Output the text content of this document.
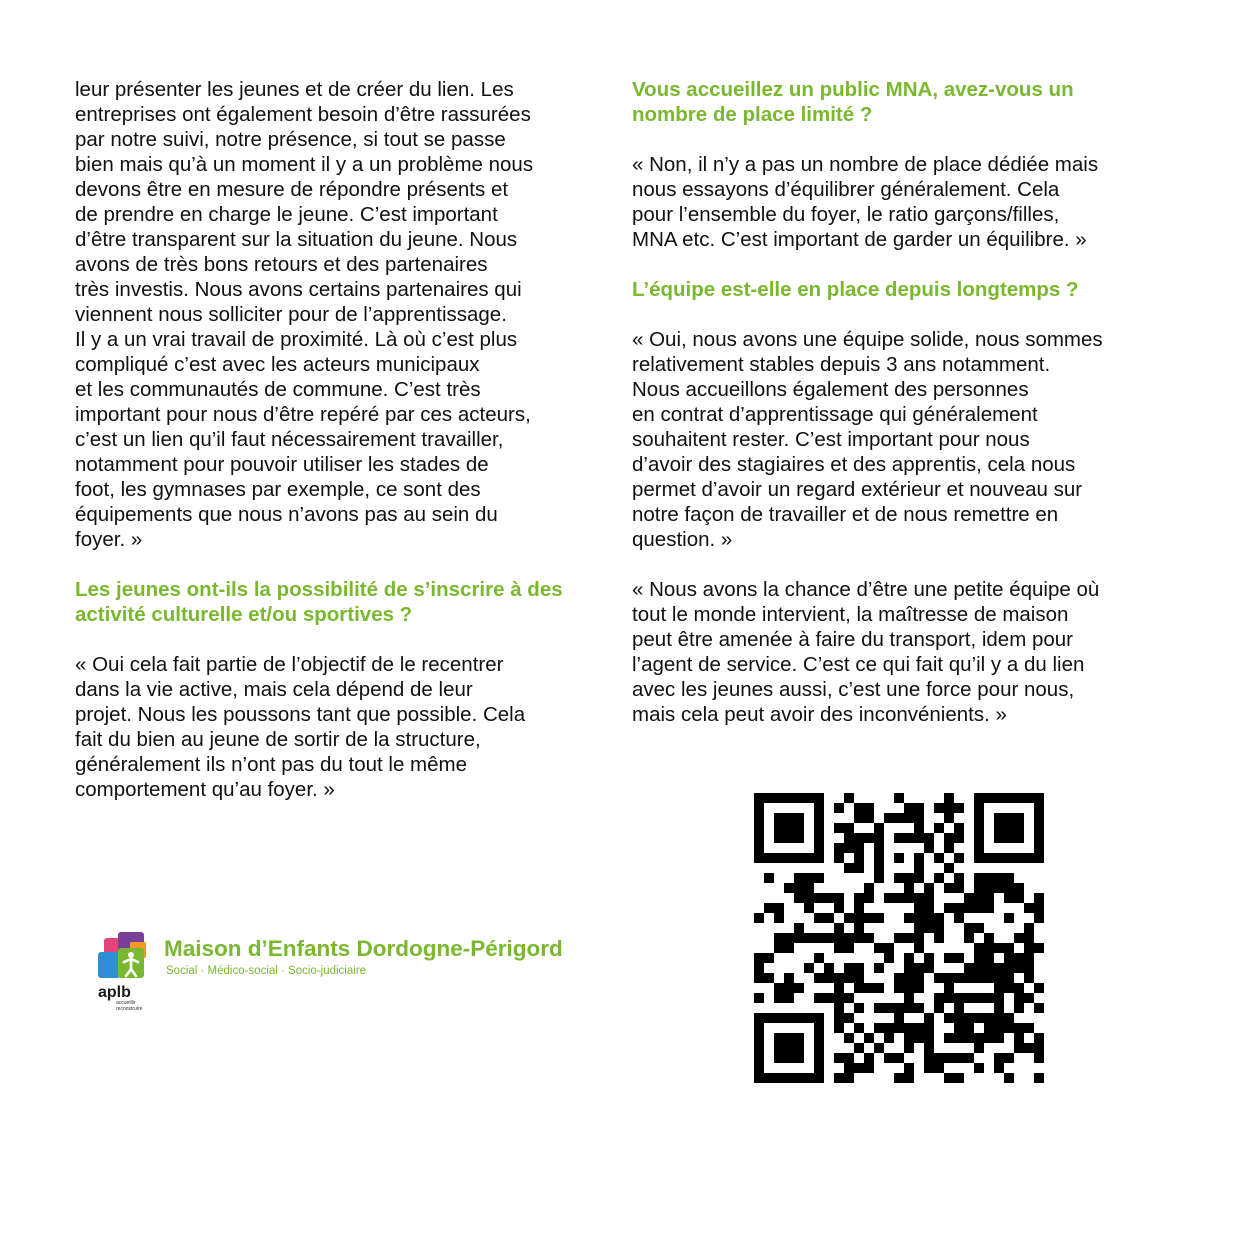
leur présenter les jeunes et de créer du lien. Les
entreprises ont également besoin d’être rassurées
par notre suivi, notre présence, si tout se passe
bien mais qu’à un moment il y a un problème nous
devons être en mesure de répondre présents et
de prendre en charge le jeune. C’est important
d’être transparent sur la situation du jeune. Nous
avons de très bons retours et des partenaires
très investis. Nous avons certains partenaires qui
viennent nous solliciter pour de l’apprentissage.
Il y a un vrai travail de proximité. Là où c’est plus
compliqué c’est avec les acteurs municipaux
et les communautés de commune. C’est très
important pour nous d’être repéré par ces acteurs,
c’est un lien qu’il faut nécessairement travailler,
notamment pour pouvoir utiliser les stades de
foot, les gymnases par exemple, ce sont des
équipements que nous n’avons pas au sein du
foyer. »

Les jeunes ont-ils la possibilité de s’inscrire à des
activité culturelle et/ou sportives ?

« Oui cela fait partie de l’objectif de le recentrer
dans la vie active, mais cela dépend de leur
projet. Nous les poussons tant que possible. Cela
fait du bien au jeune de sortir de la structure,
généralement ils n’ont pas du tout le même
comportement qu’au foyer. »

Vous accueillez un public MNA, avez-vous un
nombre de place limité ?

« Non, il n’y a pas un nombre de place dédiée mais
nous essayons d’équilibrer généralement. Cela
pour l’ensemble du foyer, le ratio garçons/filles,
MNA etc. C’est important de garder un équilibre. »

L’équipe est-elle en place depuis longtemps ?

« Oui, nous avons une équipe solide, nous sommes
relativement stables depuis 3 ans notamment.
Nous accueillons également des personnes
en contrat d’apprentissage qui généralement
souhaitent rester. C’est important pour nous
d’avoir des stagiaires et des apprentis, cela nous
permet d’avoir un regard extérieur et nouveau sur
notre façon de travailler et de nous remettre en
question. »

« Nous avons la chance d’être une petite équipe où
tout le monde intervient, la maîtresse de maison
peut être amenée à faire du transport, idem pour
l’agent de service. C’est ce qui fait qu’il y a du lien
avec les jeunes aussi, c’est une force pour nous,
mais cela peut avoir des inconvénients. »

aplb
accueillir
reconstruire
Maison d’Enfants Dordogne-Périgord
Social · Médico-social · Socio-judiciaire
